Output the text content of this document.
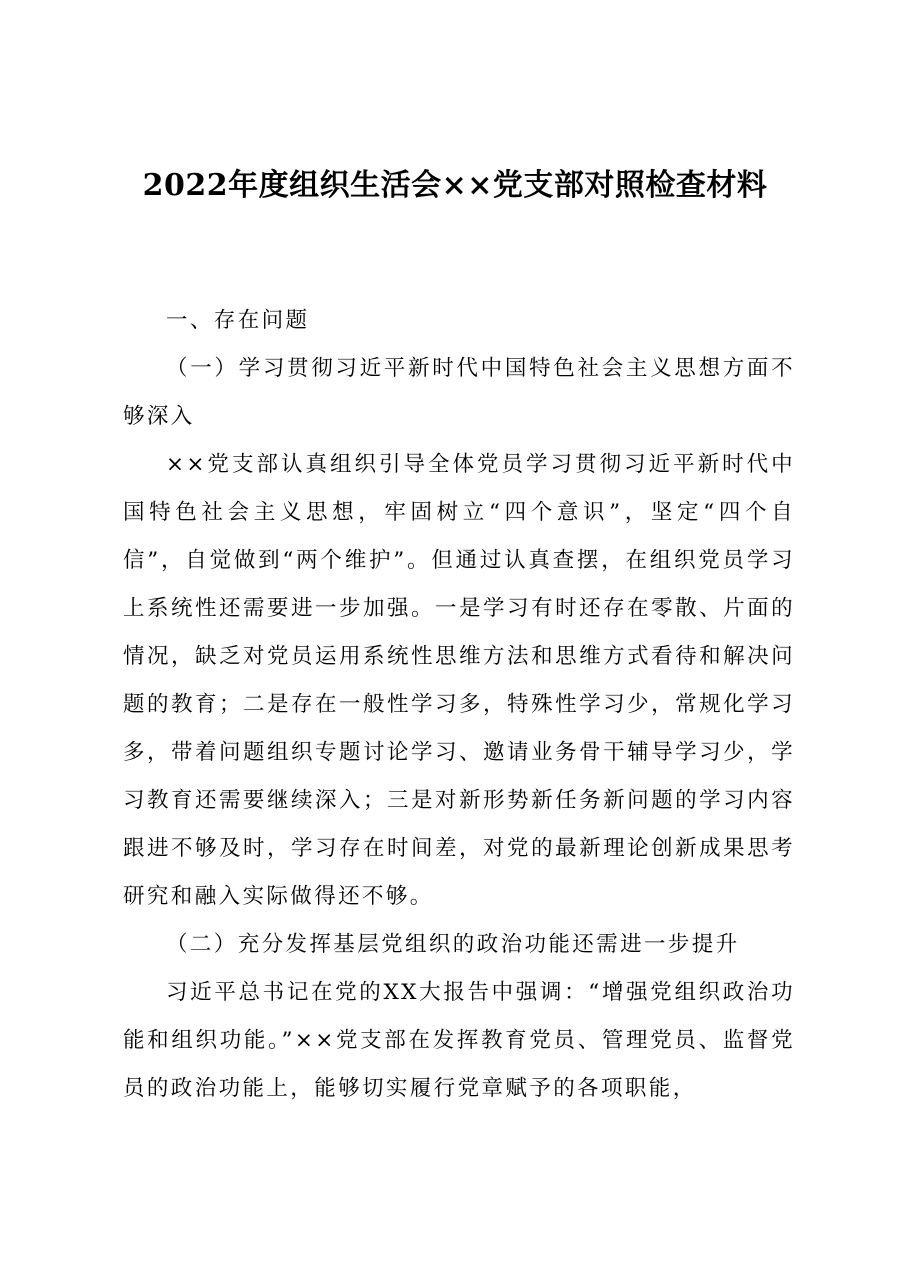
2022年度组织生活会××党支部对照检查材料

一、存在问题

（一）学习贯彻习近平新时代中国特色社会主义思想方面不够深入

××党支部认真组织引导全体党员学习贯彻习近平新时代中国特色社会主义思想，牢固树立“四个意识”，坚定“四个自信”，自觉做到“两个维护”。但通过认真查摆，在组织党员学习上系统性还需要进一步加强。一是学习有时还存在零散、片面的情况，缺乏对党员运用系统性思维方法和思维方式看待和解决问题的教育；二是存在一般性学习多，特殊性学习少，常规化学习多，带着问题组织专题讨论学习、邀请业务骨干辅导学习少，学习教育还需要继续深入；三是对新形势新任务新问题的学习内容跟进不够及时，学习存在时间差，对党的最新理论创新成果思考研究和融入实际做得还不够。

（二）充分发挥基层党组织的政治功能还需进一步提升

习近平总书记在党的XX大报告中强调：“增强党组织政治功能和组织功能。”××党支部在发挥教育党员、管理党员、监督党员的政治功能上，能够切实履行党章赋予的各项职能，
